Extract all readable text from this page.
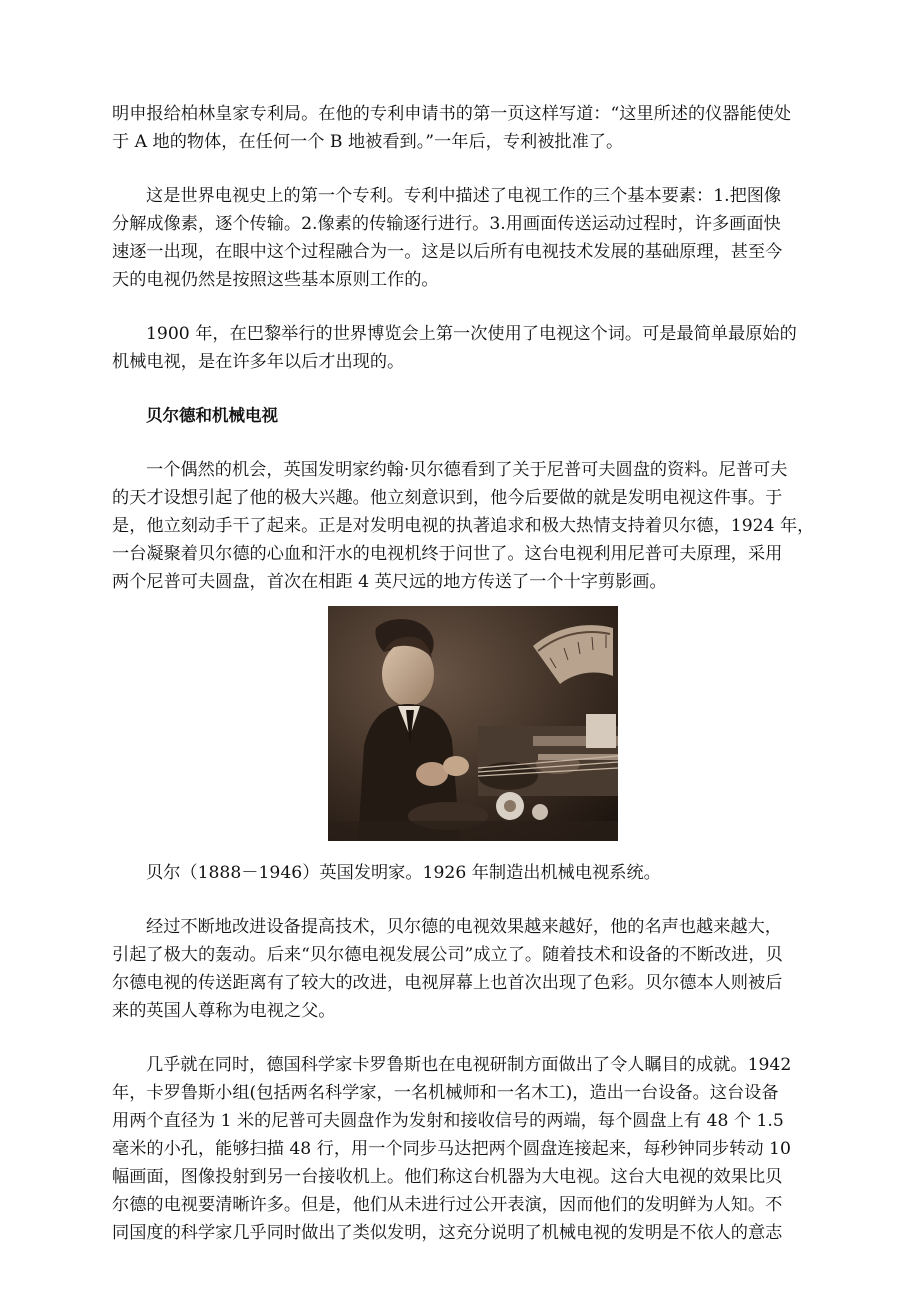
明申报给柏林皇家专利局。在他的专利申请书的第一页这样写道：“这里所述的仪器能使处
于 A 地的物体，在任何一个 B 地被看到。”一年后，专利被批准了。

这是世界电视史上的第一个专利。专利中描述了电视工作的三个基本要素：1.把图像
分解成像素，逐个传输。2.像素的传输逐行进行。3.用画面传送运动过程时，许多画面快
速逐一出现，在眼中这个过程融合为一。这是以后所有电视技术发展的基础原理，甚至今
天的电视仍然是按照这些基本原则工作的。

1900 年，在巴黎举行的世界博览会上第一次使用了电视这个词。可是最简单最原始的
机械电视，是在许多年以后才出现的。

贝尔德和机械电视

一个偶然的机会，英国发明家约翰·贝尔德看到了关于尼普可夫圆盘的资料。尼普可夫
的天才设想引起了他的极大兴趣。他立刻意识到，他今后要做的就是发明电视这件事。于
是，他立刻动手干了起来。正是对发明电视的执著追求和极大热情支持着贝尔德，1924 年，
一台凝聚着贝尔德的心血和汗水的电视机终于问世了。这台电视利用尼普可夫原理，采用
两个尼普可夫圆盘，首次在相距 4 英尺远的地方传送了一个十字剪影画。

贝尔（1888－1946）英国发明家。1926 年制造出机械电视系统。

经过不断地改进设备提高技术，贝尔德的电视效果越来越好，他的名声也越来越大，
引起了极大的轰动。后来“贝尔德电视发展公司”成立了。随着技术和设备的不断改进，贝
尔德电视的传送距离有了较大的改进，电视屏幕上也首次出现了色彩。贝尔德本人则被后
来的英国人尊称为电视之父。

几乎就在同时，德国科学家卡罗鲁斯也在电视研制方面做出了令人瞩目的成就。1942
年，卡罗鲁斯小组(包括两名科学家，一名机械师和一名木工)，造出一台设备。这台设备
用两个直径为 1 米的尼普可夫圆盘作为发射和接收信号的两端，每个圆盘上有 48 个 1.5
毫米的小孔，能够扫描 48 行，用一个同步马达把两个圆盘连接起来，每秒钟同步转动 10
幅画面，图像投射到另一台接收机上。他们称这台机器为大电视。这台大电视的效果比贝
尔德的电视要清晰许多。但是，他们从未进行过公开表演，因而他们的发明鲜为人知。不
同国度的科学家几乎同时做出了类似发明，这充分说明了机械电视的发明是不依人的意志
